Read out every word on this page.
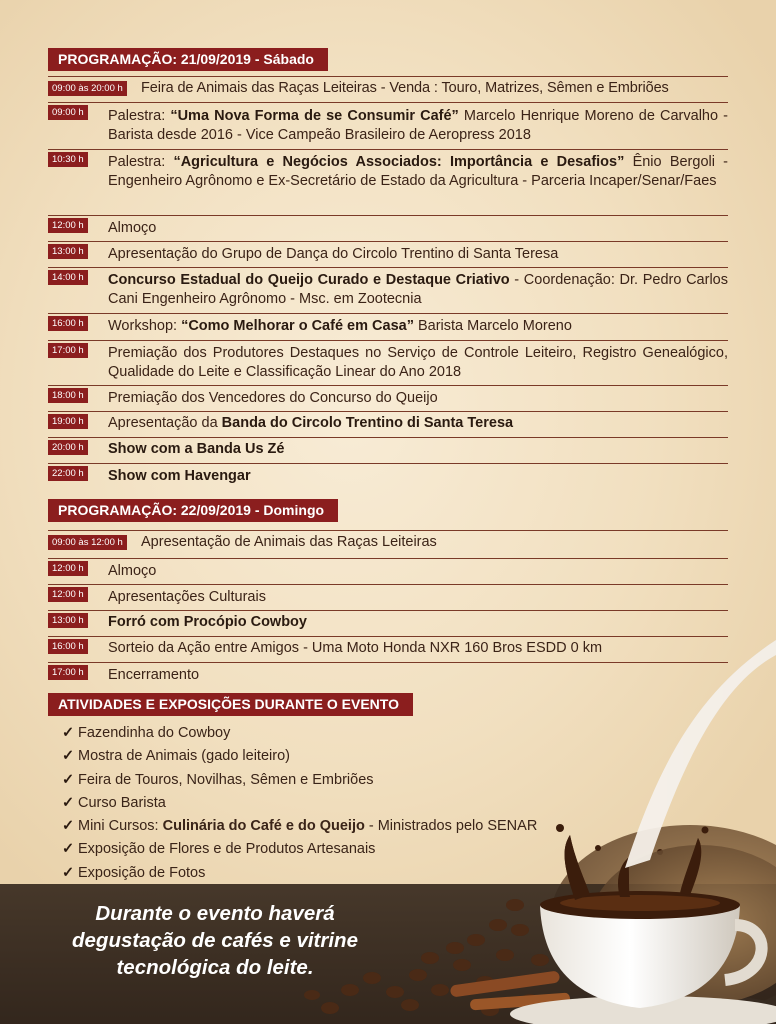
PROGRAMAÇÃO: 21/09/2019 - Sábado
09:00 às 20:00 h Feira de Animais das Raças Leiteiras - Venda : Touro, Matrizes, Sêmen e Embriões
09:00 h Palestra: “Uma Nova Forma de se Consumir Café” Marcelo Henrique Moreno de Carvalho - Barista desde 2016 - Vice Campeão Brasileiro de Aeropress 2018
10:30 h Palestra: “Agricultura e Negócios Associados: Importância e Desafios” Ênio Bergoli - Engenheiro Agrônomo e Ex-Secretário de Estado da Agricultura - Parceria Incaper/Senar/Faes
12:00 h Almoço
13:00 h Apresentação do Grupo de Dança do Circolo Trentino di Santa Teresa
14:00 h Concurso Estadual do Queijo Curado e Destaque Criativo - Coordenação: Dr. Pedro Carlos Cani Engenheiro Agrônomo - Msc. em Zootecnia
16:00 h Workshop: “Como Melhorar o Café em Casa” Barista Marcelo Moreno
17:00 h Premiação dos Produtores Destaques no Serviço de Controle Leiteiro, Registro Genealógico, Qualidade do Leite e Classificação Linear do Ano 2018
18:00 h Premiação dos Vencedores do Concurso do Queijo
19:00 h Apresentação da Banda do Circolo Trentino di Santa Teresa
20:00 h Show com a Banda Us Zé
22:00 h Show com Havengar
PROGRAMAÇÃO: 22/09/2019 - Domingo
09:00 às 12:00 h Apresentação de Animais das Raças Leiteiras
12:00 h Almoço
12:00 h Apresentações Culturais
13:00 h Forró com Procópio Cowboy
16:00 h Sorteio da Ação entre Amigos - Uma Moto Honda NXR 160 Bros ESDD 0 km
17:00 h Encerramento
ATIVIDADES E EXPOSIÇÕES DURANTE O EVENTO
✓ Fazendinha do Cowboy
✓ Mostra de Animais (gado leiteiro)
✓ Feira de Touros, Novilhas, Sêmen e Embriões
✓ Curso Barista
✓ Mini Cursos: Culinária do Café e do Queijo - Ministrados pelo SENAR
✓ Exposição de Flores e de Produtos Artesanais
✓ Exposição de Fotos
Durante o evento haverá
degustação de cafés e vitrine
tecnológica do leite.
